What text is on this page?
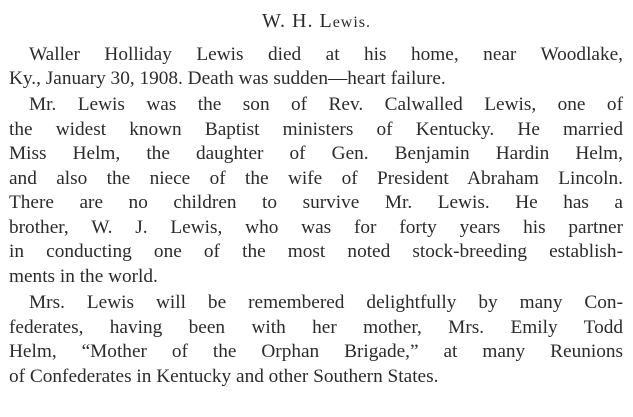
W. H. Lewis.
Waller Holliday Lewis died at his home, near Woodlake,
Ky., January 30, 1908. Death was sudden—heart failure.
Mr. Lewis was the son of Rev. Calwalled Lewis, one of
the widest known Baptist ministers of Kentucky. He married
Miss Helm, the daughter of Gen. Benjamin Hardin Helm,
and also the niece of the wife of President Abraham Lincoln.
There are no children to survive Mr. Lewis. He has a
brother, W. J. Lewis, who was for forty years his partner
in conducting one of the most noted stock-breeding establish-
ments in the world.
Mrs. Lewis will be remembered delightfully by many Con-
federates, having been with her mother, Mrs. Emily Todd
Helm, “Mother of the Orphan Brigade,” at many Reunions
of Confederates in Kentucky and other Southern States.
